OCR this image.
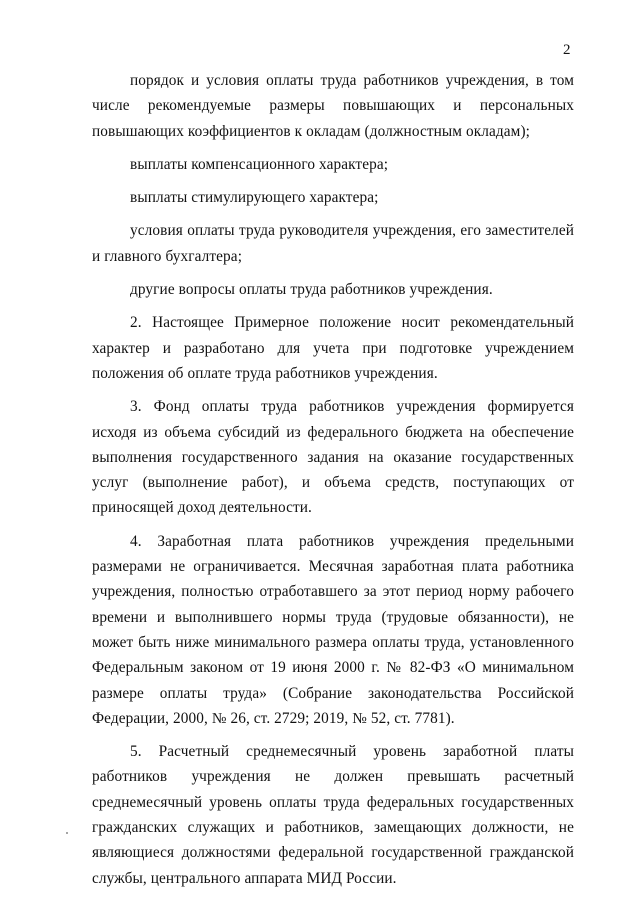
2

порядок и условия оплаты труда работников учреждения, в том числе рекомендуемые размеры повышающих и персональных повышающих коэффициентов к окладам (должностным окладам);

выплаты компенсационного характера;

выплаты стимулирующего характера;

условия оплаты труда руководителя учреждения, его заместителей и главного бухгалтера;

другие вопросы оплаты труда работников учреждения.

2. Настоящее Примерное положение носит рекомендательный характер и разработано для учета при подготовке учреждением положения об оплате труда работников учреждения.

3. Фонд оплаты труда работников учреждения формируется исходя из объема субсидий из федерального бюджета на обеспечение выполнения государственного задания на оказание государственных услуг (выполнение работ), и объема средств, поступающих от приносящей доход деятельности.

4. Заработная плата работников учреждения предельными размерами не ограничивается. Месячная заработная плата работника учреждения, полностью отработавшего за этот период норму рабочего времени и выполнившего нормы труда (трудовые обязанности), не может быть ниже минимального размера оплаты труда, установленного Федеральным законом от 19 июня 2000 г. № 82-ФЗ «О минимальном размере оплаты труда» (Собрание законодательства Российской Федерации, 2000, № 26, ст. 2729; 2019, № 52, ст. 7781).

5. Расчетный среднемесячный уровень заработной платы работников учреждения не должен превышать расчетный среднемесячный уровень оплаты труда федеральных государственных гражданских служащих и работников, замещающих должности, не являющиеся должностями федеральной государственной гражданской службы, центрального аппарата МИД России.
